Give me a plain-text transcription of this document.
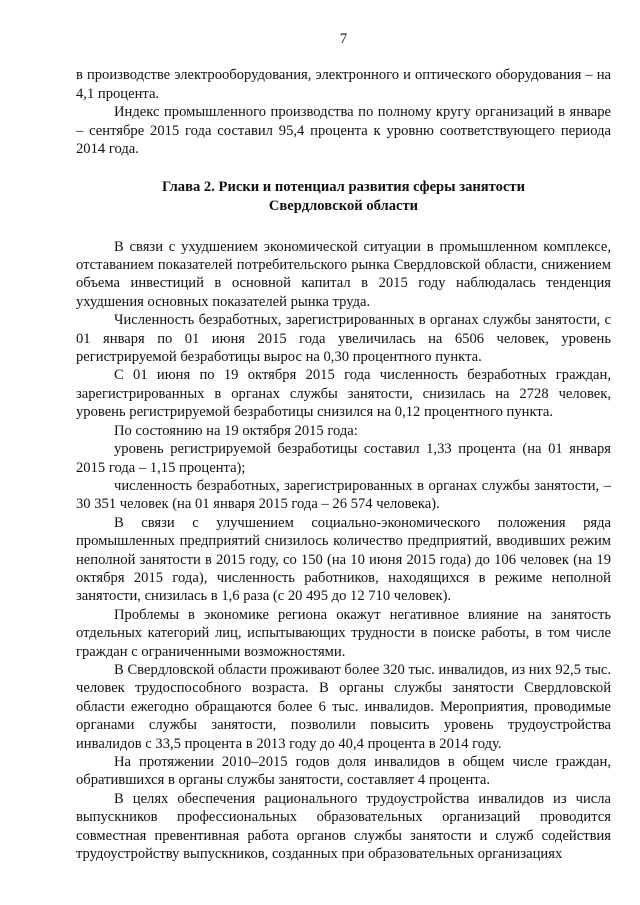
7

в производстве электрооборудования, электронного и оптического оборудования – на 4,1 процента.

Индекс промышленного производства по полному кругу организаций в январе – сентябре 2015 года составил 95,4 процента к уровню соответствующего периода 2014 года.

Глава 2. Риски и потенциал развития сферы занятости
Свердловской области

В связи с ухудшением экономической ситуации в промышленном комплексе, отставанием показателей потребительского рынка Свердловской области, снижением объема инвестиций в основной капитал в 2015 году наблюдалась тенденция ухудшения основных показателей рынка труда.

Численность безработных, зарегистрированных в органах службы занятости, с 01 января по 01 июня 2015 года увеличилась на 6506 человек, уровень регистрируемой безработицы вырос на 0,30 процентного пункта.

С 01 июня по 19 октября 2015 года численность безработных граждан, зарегистрированных в органах службы занятости, снизилась на 2728 человек, уровень регистрируемой безработицы снизился на 0,12 процентного пункта.

По состоянию на 19 октября 2015 года:

уровень регистрируемой безработицы составил 1,33 процента (на 01 января 2015 года – 1,15 процента);

численность безработных, зарегистрированных в органах службы занятости, – 30 351 человек (на 01 января 2015 года – 26 574 человека).

В связи с улучшением социально-экономического положения ряда промышленных предприятий снизилось количество предприятий, вводивших режим неполной занятости в 2015 году, со 150 (на 10 июня 2015 года) до 106 человек (на 19 октября 2015 года), численность работников, находящихся в режиме неполной занятости, снизилась в 1,6 раза (с 20 495 до 12 710 человек).

Проблемы в экономике региона окажут негативное влияние на занятость отдельных категорий лиц, испытывающих трудности в поиске работы, в том числе граждан с ограниченными возможностями.

В Свердловской области проживают более 320 тыс. инвалидов, из них 92,5 тыс. человек трудоспособного возраста. В органы службы занятости Свердловской области ежегодно обращаются более 6 тыс. инвалидов. Мероприятия, проводимые органами службы занятости, позволили повысить уровень трудоустройства инвалидов с 33,5 процента в 2013 году до 40,4 процента в 2014 году.

На протяжении 2010–2015 годов доля инвалидов в общем числе граждан, обратившихся в органы службы занятости, составляет 4 процента.

В целях обеспечения рационального трудоустройства инвалидов из числа выпускников профессиональных образовательных организаций проводится совместная превентивная работа органов службы занятости и служб содействия трудоустройству выпускников, созданных при образовательных организациях
